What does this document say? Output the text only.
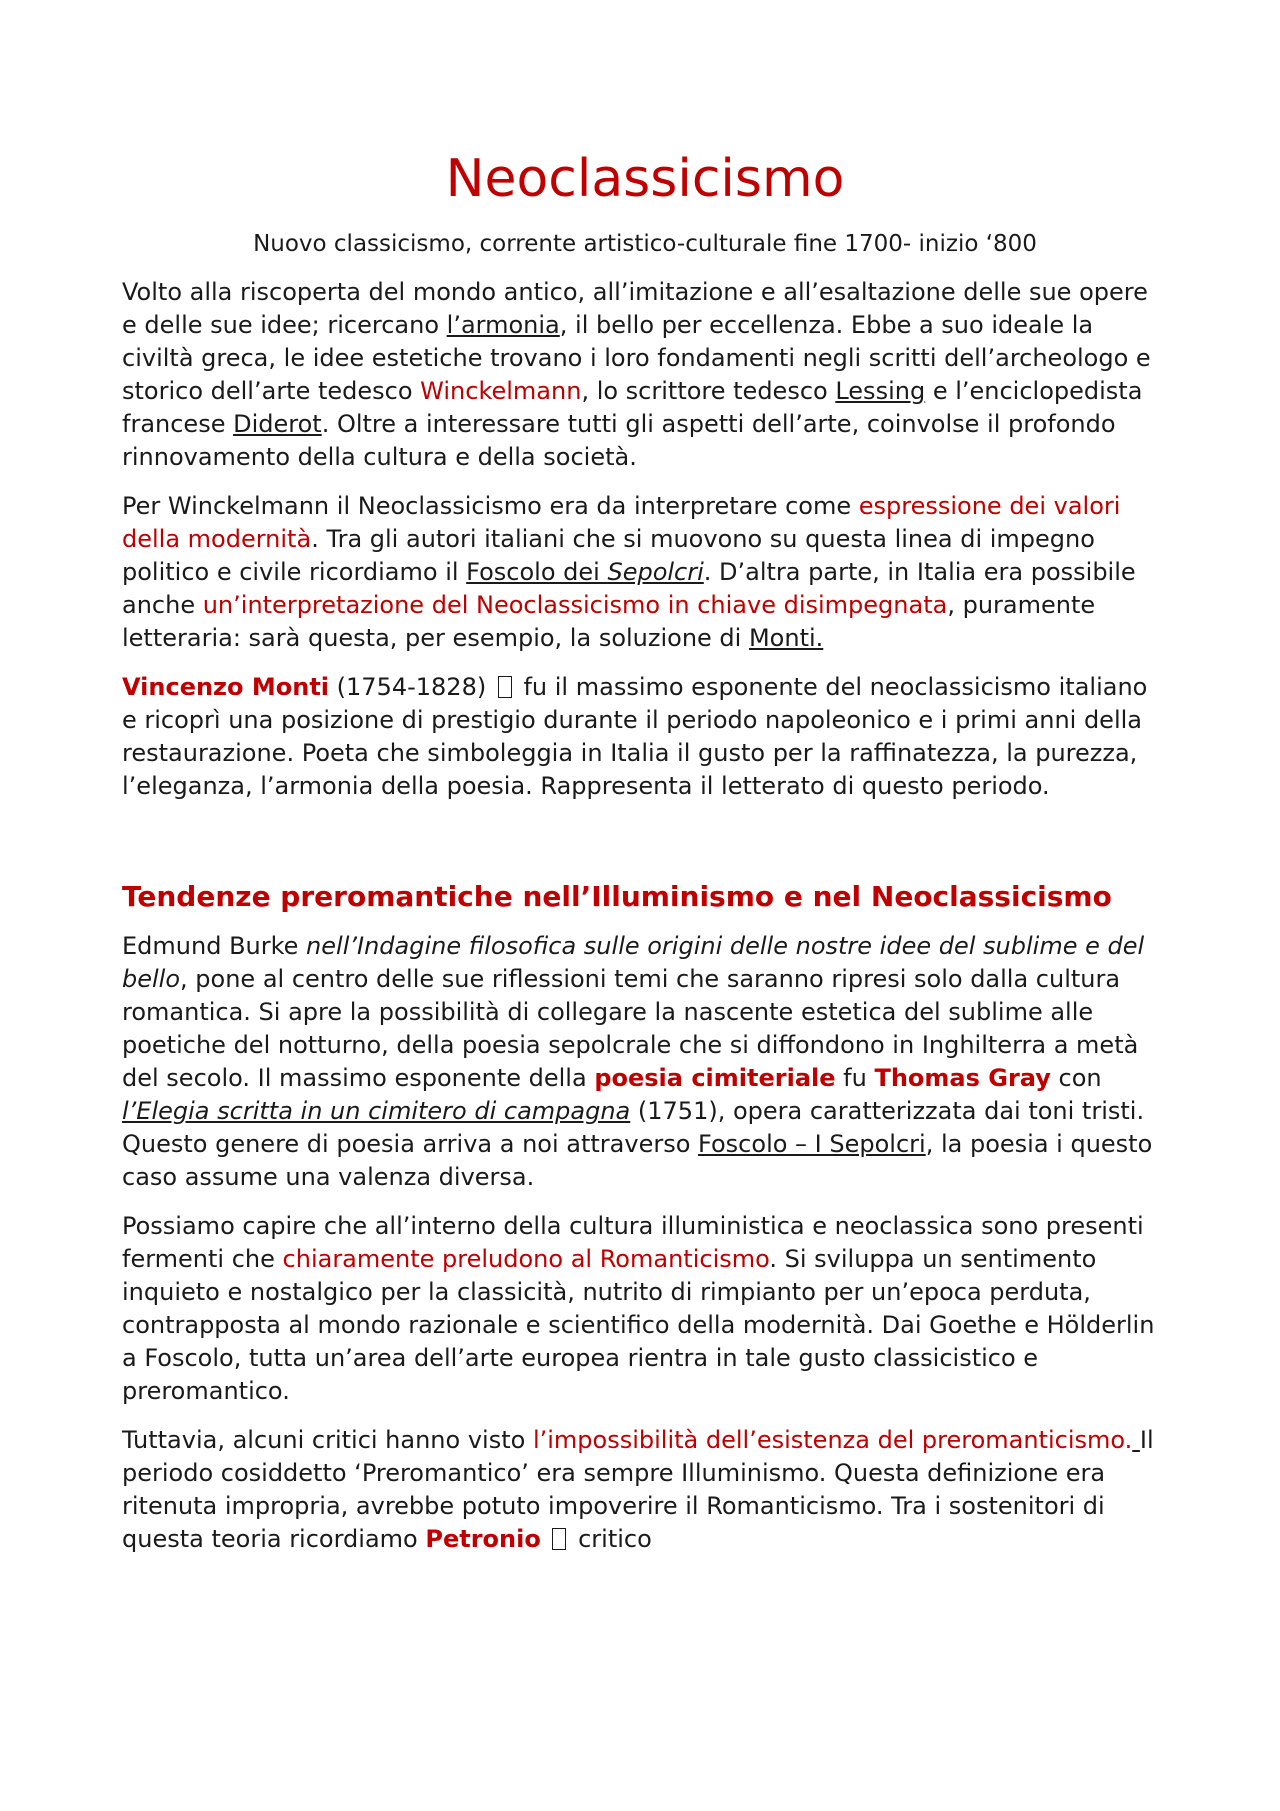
Neoclassicismo
Nuovo classicismo, corrente artistico-culturale fine 1700- inizio ‘800

Volto alla riscoperta del mondo antico, all’imitazione e all’esaltazione delle sue opere e delle sue idee; ricercano l’armonia, il bello per eccellenza. Ebbe a suo ideale la civiltà greca, le idee estetiche trovano i loro fondamenti negli scritti dell’archeologo e storico dell’arte tedesco Winckelmann, lo scrittore tedesco Lessing e l’enciclopedista francese Diderot. Oltre a interessare tutti gli aspetti dell’arte, coinvolse il profondo rinnovamento della cultura e della società.

Per Winckelmann il Neoclassicismo era da interpretare come espressione dei valori della modernità. Tra gli autori italiani che si muovono su questa linea di impegno politico e civile ricordiamo il Foscolo dei Sepolcri. D’altra parte, in Italia era possibile anche un’interpretazione del Neoclassicismo in chiave disimpegnata, puramente letteraria: sarà questa, per esempio, la soluzione di Monti.

Vincenzo Monti (1754-1828)  fu il massimo esponente del neoclassicismo italiano e ricoprì una posizione di prestigio durante il periodo napoleonico e i primi anni della restaurazione. Poeta che simboleggia in Italia il gusto per la raffinatezza, la purezza, l’eleganza, l’armonia della poesia. Rappresenta il letterato di questo periodo.

Tendenze preromantiche nell’Illuminismo e nel Neoclassicismo

Edmund Burke nell’Indagine filosofica sulle origini delle nostre idee del sublime e del bello, pone al centro delle sue riflessioni temi che saranno ripresi solo dalla cultura romantica. Si apre la possibilità di collegare la nascente estetica del sublime alle poetiche del notturno, della poesia sepolcrale che si diffondono in Inghilterra a metà del secolo. Il massimo esponente della poesia cimiteriale fu Thomas Gray con l’Elegia scritta in un cimitero di campagna (1751), opera caratterizzata dai toni tristi. Questo genere di poesia arriva a noi attraverso Foscolo – I Sepolcri, la poesia i questo caso assume una valenza diversa.

Possiamo capire che all’interno della cultura illuministica e neoclassica sono presenti fermenti che chiaramente preludono al Romanticismo. Si sviluppa un sentimento inquieto e nostalgico per la classicità, nutrito di rimpianto per un’epoca perduta, contrapposta al mondo razionale e scientifico della modernità. Dai Goethe e Hölderlin a Foscolo, tutta un’area dell’arte europea rientra in tale gusto classicistico e preromantico.

Tuttavia, alcuni critici hanno visto l’impossibilità dell’esistenza del preromanticismo. Il periodo cosiddetto ‘Preromantico’ era sempre Illuminismo. Questa definizione era ritenuta impropria, avrebbe potuto impoverire il Romanticismo. Tra i sostenitori di questa teoria ricordiamo Petronio  critico
